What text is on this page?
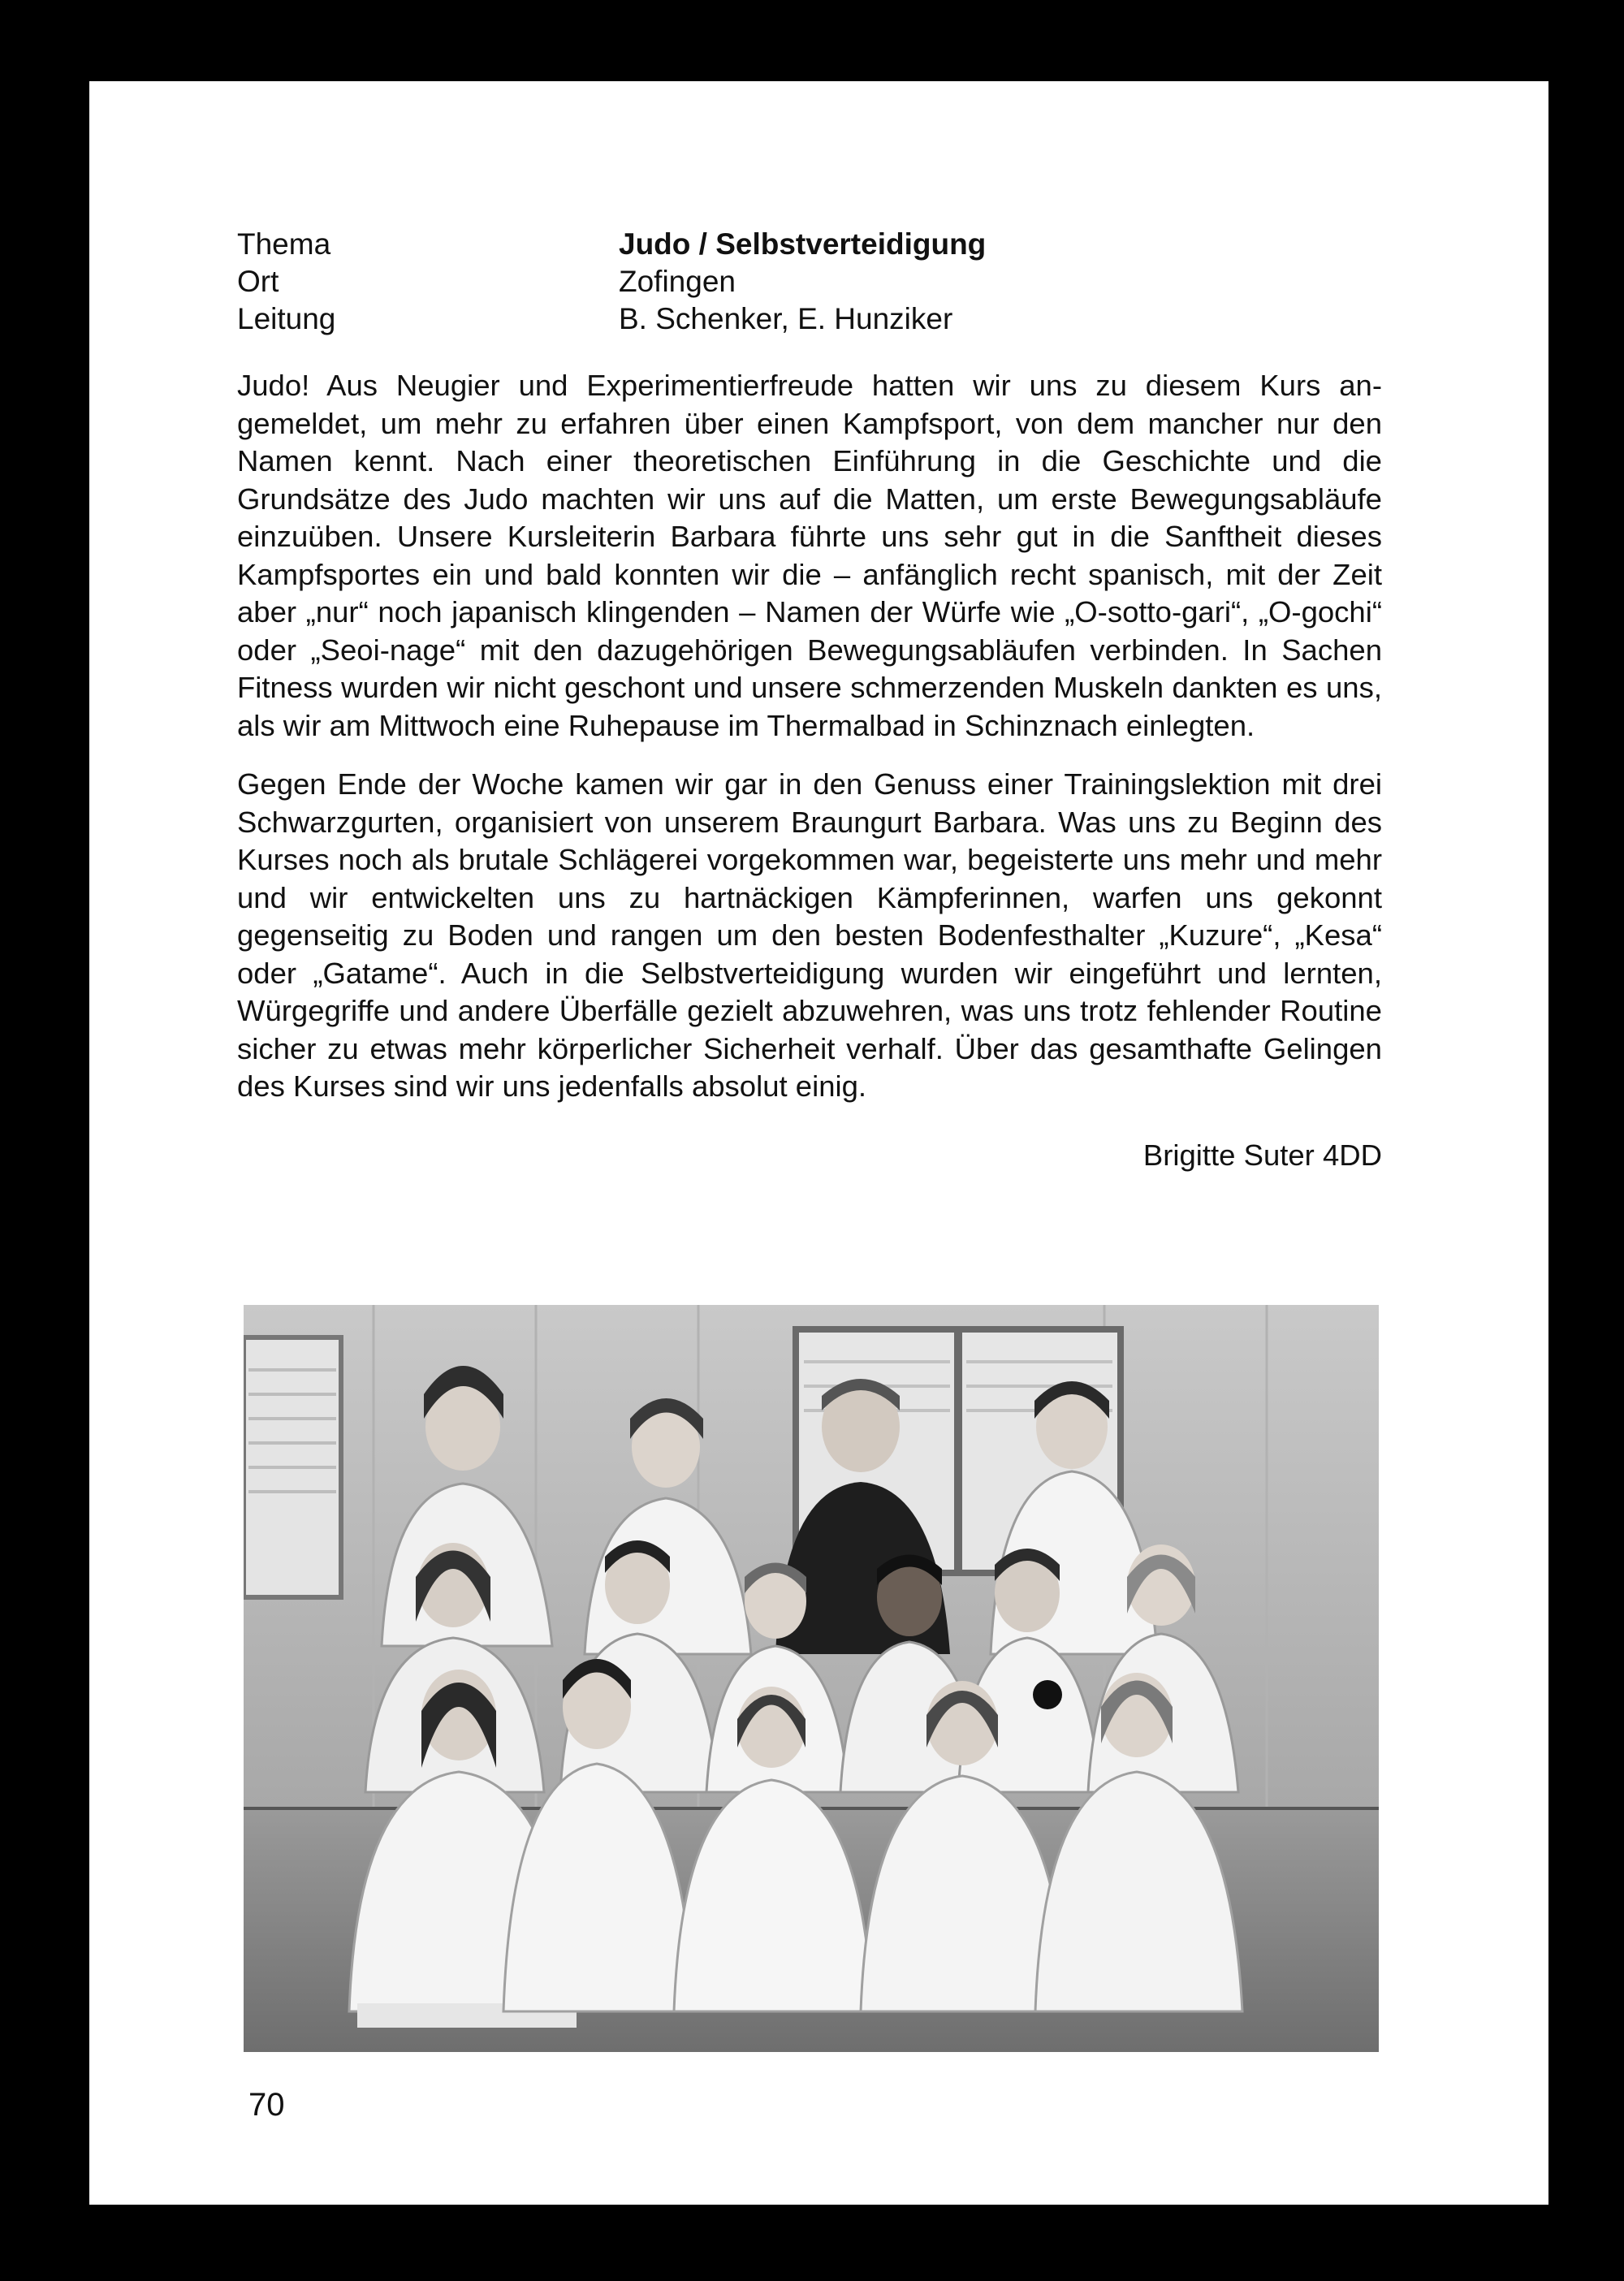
Thema	Judo / Selbstverteidigung
Ort	Zofingen
Leitung	B. Schenker, E. Hunziker

Judo! Aus Neugier und Experimentierfreude hatten wir uns zu diesem Kurs angemeldet, um mehr zu erfahren über einen Kampfsport, von dem mancher nur den Namen kennt. Nach einer theoretischen Einführung in die Geschichte und die Grundsätze des Judo machten wir uns auf die Matten, um erste Bewegungsabläufe einzuüben. Unsere Kursleiterin Barbara führte uns sehr gut in die Sanftheit dieses Kampfsportes ein und bald konnten wir die – anfänglich recht spanisch, mit der Zeit aber „nur“ noch japanisch klingenden – Namen der Würfe wie „O-sotto-gari“, „O-gochi“ oder „Seoi-nage“ mit den dazugehörigen Bewegungsabläufen verbinden. In Sachen Fitness wurden wir nicht geschont und unsere schmerzenden Muskeln dankten es uns, als wir am Mittwoch eine Ruhepause im Thermalbad in Schinznach einlegten.

Gegen Ende der Woche kamen wir gar in den Genuss einer Trainingslektion mit drei Schwarzgurten, organisiert von unserem Braungurt Barbara. Was uns zu Beginn des Kurses noch als brutale Schlägerei vorgekommen war, begeisterte uns mehr und mehr und wir entwickelten uns zu hartnäckigen Kämpferinnen, warfen uns gekonnt gegenseitig zu Boden und rangen um den besten Bodenfesthalter „Kuzure“, „Kesa“ oder „Gatame“. Auch in die Selbstverteidigung wurden wir eingeführt und lernten, Würgegriffe und andere Überfälle gezielt abzuwehren, was uns trotz fehlender Routine sicher zu etwas mehr körperlicher Sicherheit verhalf. Über das gesamthafte Gelingen des Kurses sind wir uns jedenfalls absolut einig.

Brigitte Suter 4DD
70
